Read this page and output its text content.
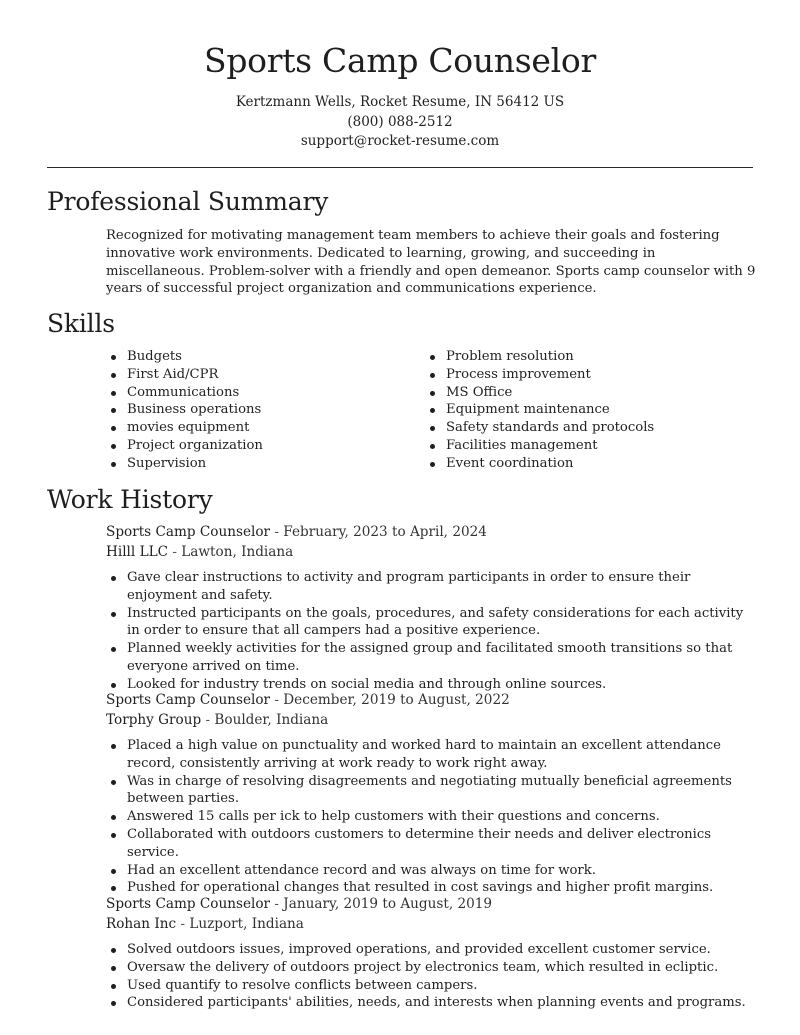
Sports Camp Counselor
Kertzmann Wells, Rocket Resume, IN 56412 US
(800) 088-2512
support@rocket-resume.com
Professional Summary
Recognized for motivating management team members to achieve their goals and fostering innovative work environments. Dedicated to learning, growing, and succeeding in miscellaneous. Problem-solver with a friendly and open demeanor. Sports camp counselor with 9 years of successful project organization and communications experience.
Skills
Budgets
First Aid/CPR
Communications
Business operations
movies equipment
Project organization
Supervision
Problem resolution
Process improvement
MS Office
Equipment maintenance
Safety standards and protocols
Facilities management
Event coordination
Work History
Sports Camp Counselor - February, 2023 to April, 2024
Hilll LLC - Lawton, Indiana
Gave clear instructions to activity and program participants in order to ensure their enjoyment and safety.
Instructed participants on the goals, procedures, and safety considerations for each activity in order to ensure that all campers had a positive experience.
Planned weekly activities for the assigned group and facilitated smooth transitions so that everyone arrived on time.
Looked for industry trends on social media and through online sources.
Sports Camp Counselor - December, 2019 to August, 2022
Torphy Group - Boulder, Indiana
Placed a high value on punctuality and worked hard to maintain an excellent attendance record, consistently arriving at work ready to work right away.
Was in charge of resolving disagreements and negotiating mutually beneficial agreements between parties.
Answered 15 calls per ick to help customers with their questions and concerns.
Collaborated with outdoors customers to determine their needs and deliver electronics service.
Had an excellent attendance record and was always on time for work.
Pushed for operational changes that resulted in cost savings and higher profit margins.
Sports Camp Counselor - January, 2019 to August, 2019
Rohan Inc - Luzport, Indiana
Solved outdoors issues, improved operations, and provided excellent customer service.
Oversaw the delivery of outdoors project by electronics team, which resulted in ecliptic.
Used quantify to resolve conflicts between campers.
Considered participants' abilities, needs, and interests when planning events and programs.
